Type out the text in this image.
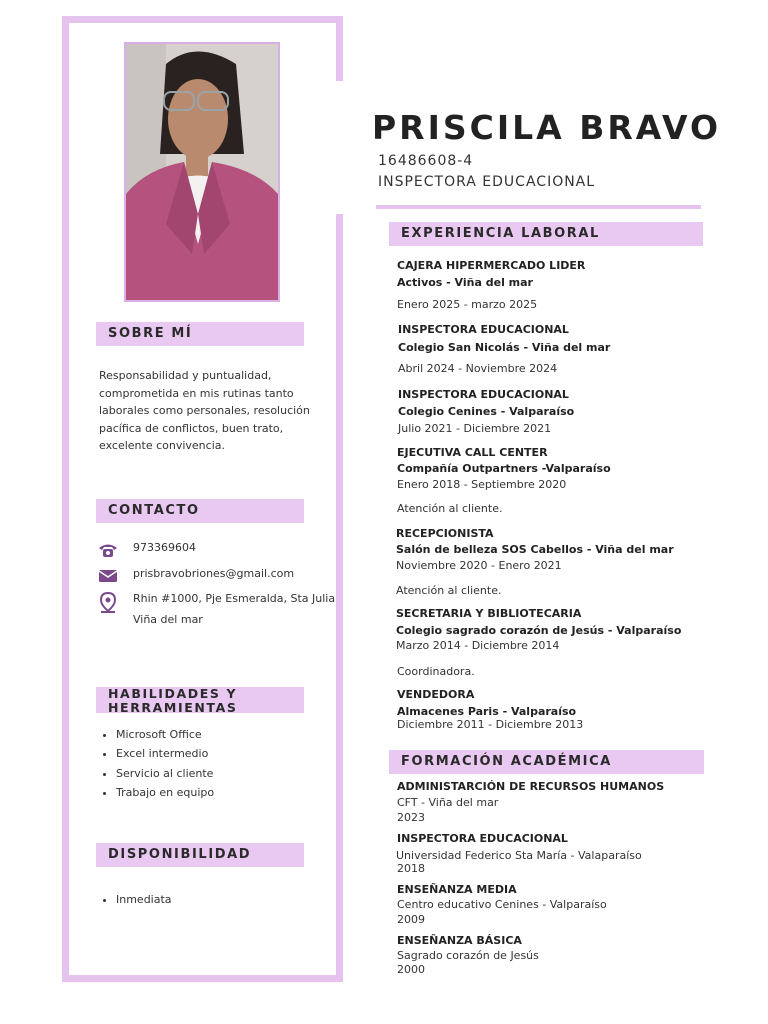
PRISCILA BRAVO
16486608-4
INSPECTORA EDUCACIONAL
SOBRE MÍ
Responsabilidad y puntualidad, comprometida en mis rutinas tanto laborales como personales, resolución pacífica de conflictos, buen trato, excelente convivencia.
CONTACTO
973369604
prisbravobriones@gmail.com
Rhin #1000, Pje Esmeralda, Sta Julia
Viña del mar
HABILIDADES Y
HERRAMIENTAS
• Microsoft Office
• Excel intermedio
• Servicio al cliente
• Trabajo en equipo
DISPONIBILIDAD
• Inmediata
EXPERIENCIA LABORAL
CAJERA HIPERMERCADO LIDER
Activos - Viña del mar
Enero 2025 - marzo 2025
INSPECTORA EDUCACIONAL
Colegio San Nicolás - Viña del mar
Abril 2024 - Noviembre 2024
INSPECTORA EDUCACIONAL
Colegio Cenines - Valparaíso
Julio 2021 - Diciembre 2021
EJECUTIVA CALL CENTER
Compañía Outpartners -Valparaíso
Enero 2018 - Septiembre 2020
Atención al cliente.
RECEPCIONISTA
Salón de belleza SOS Cabellos - Viña del mar
Noviembre 2020 - Enero 2021
Atención al cliente.
SECRETARIA Y BIBLIOTECARIA
Colegio sagrado corazón de Jesús - Valparaíso
Marzo 2014 - Diciembre 2014
Coordinadora.
VENDEDORA
Almacenes Paris - Valparaíso
Diciembre 2011 - Diciembre 2013
FORMACIÓN ACADÉMICA
ADMINISTARCIÓN DE RECURSOS HUMANOS
CFT - Viña del mar
2023
INSPECTORA EDUCACIONAL
Universidad Federico Sta María - Valaparaíso
2018
ENSEÑANZA MEDIA
Centro educativo Cenines - Valparaíso
2009
ENSEÑANZA BÁSICA
Sagrado corazón de Jesús
2000
